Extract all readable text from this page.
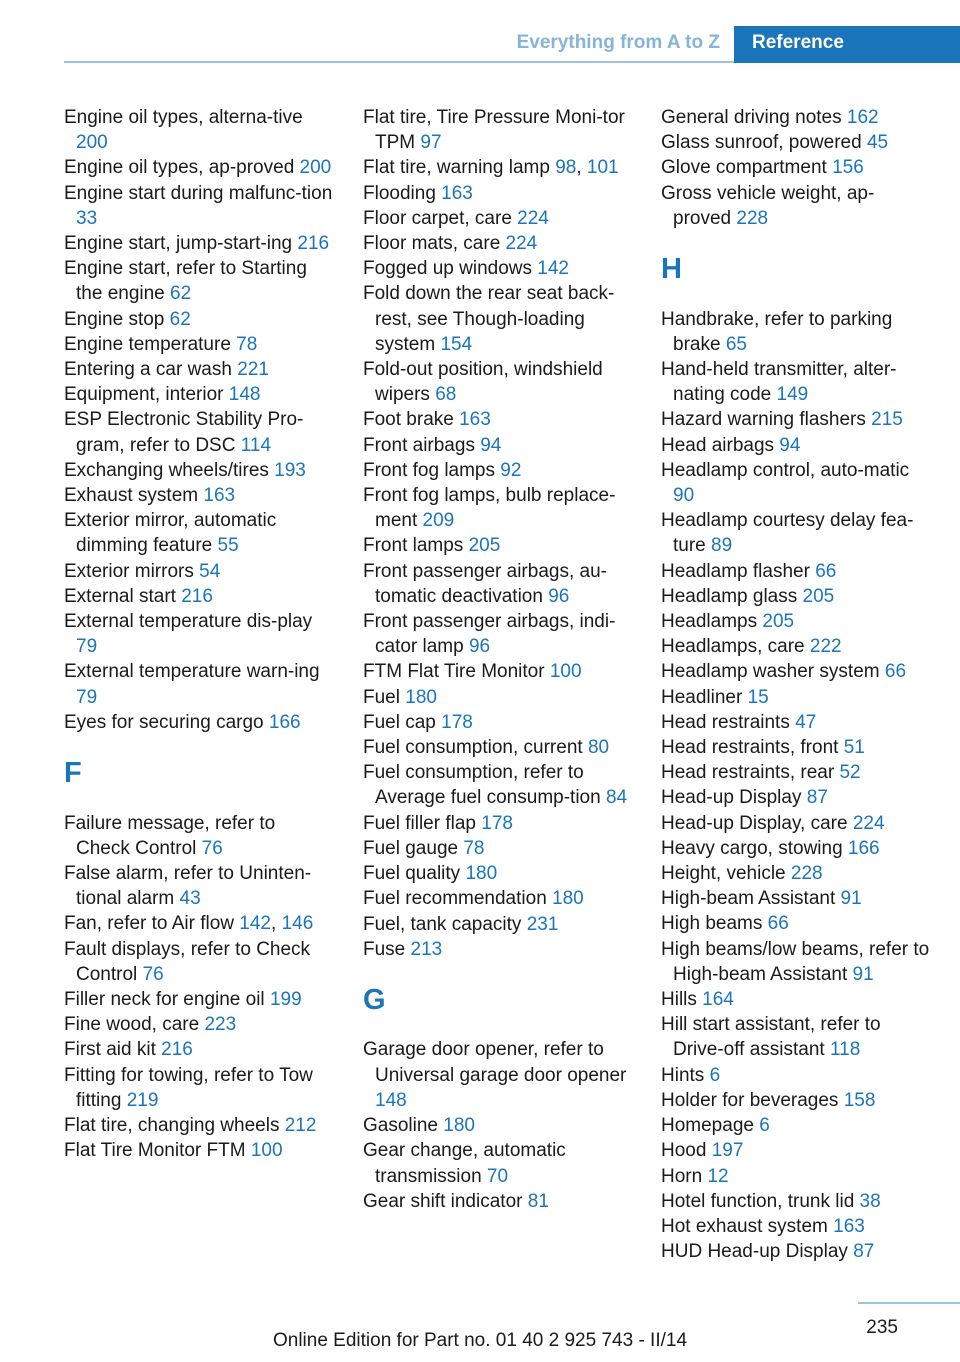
Everything from A to Z	Reference

Engine oil types, alterna‐tive 200

Engine oil types, ap‐proved 200

Engine start during malfunc‐tion 33

Engine start, jump-start‐ing 216

Engine start, refer to Starting the engine 62

Engine stop 62

Engine temperature 78

Entering a car wash 221

Equipment, interior 148

ESP Electronic Stability Pro‐gram, refer to DSC 114

Exchanging wheels/tires 193

Exhaust system 163

Exterior mirror, automatic dimming feature 55

Exterior mirrors 54

External start 216

External temperature dis‐play 79

External temperature warn‐ing 79

Eyes for securing cargo 166

F

Failure message, refer to Check Control 76

False alarm, refer to Uninten‐tional alarm 43

Fan, refer to Air flow 142, 146

Fault displays, refer to Check Control 76

Filler neck for engine oil 199

Fine wood, care 223

First aid kit 216

Fitting for towing, refer to Tow fitting 219

Flat tire, changing wheels 212

Flat Tire Monitor FTM 100

Flat tire, Tire Pressure Moni‐tor TPM 97

Flat tire, warning lamp 98, 101

Flooding 163

Floor carpet, care 224

Floor mats, care 224

Fogged up windows 142

Fold down the rear seat back‐rest, see Though-loading system 154

Fold-out position, windshield wipers 68

Foot brake 163

Front airbags 94

Front fog lamps 92

Front fog lamps, bulb replace‐ment 209

Front lamps 205

Front passenger airbags, au‐tomatic deactivation 96

Front passenger airbags, indi‐cator lamp 96

FTM Flat Tire Monitor 100

Fuel 180

Fuel cap 178

Fuel consumption, current 80

Fuel consumption, refer to Average fuel consump‐tion 84

Fuel filler flap 178

Fuel gauge 78

Fuel quality 180

Fuel recommendation 180

Fuel, tank capacity 231

Fuse 213

G

Garage door opener, refer to Universal garage door opener 148

Gasoline 180

Gear change, automatic transmission 70

Gear shift indicator 81

General driving notes 162

Glass sunroof, powered 45

Glove compartment 156

Gross vehicle weight, ap‐proved 228

H

Handbrake, refer to parking brake 65

Hand-held transmitter, alter‐nating code 149

Hazard warning flashers 215

Head airbags 94

Headlamp control, auto‐matic 90

Headlamp courtesy delay fea‐ture 89

Headlamp flasher 66

Headlamp glass 205

Headlamps 205

Headlamps, care 222

Headlamp washer system 66

Headliner 15

Head restraints 47

Head restraints, front 51

Head restraints, rear 52

Head-up Display 87

Head-up Display, care 224

Heavy cargo, stowing 166

Height, vehicle 228

High-beam Assistant 91

High beams 66

High beams/low beams, refer to High-beam Assistant 91

Hills 164

Hill start assistant, refer to Drive-off assistant 118

Hints 6

Holder for beverages 158

Homepage 6

Hood 197

Horn 12

Hotel function, trunk lid 38

Hot exhaust system 163

HUD Head-up Display 87

235
Online Edition for Part no. 01 40 2 925 743 - II/14
